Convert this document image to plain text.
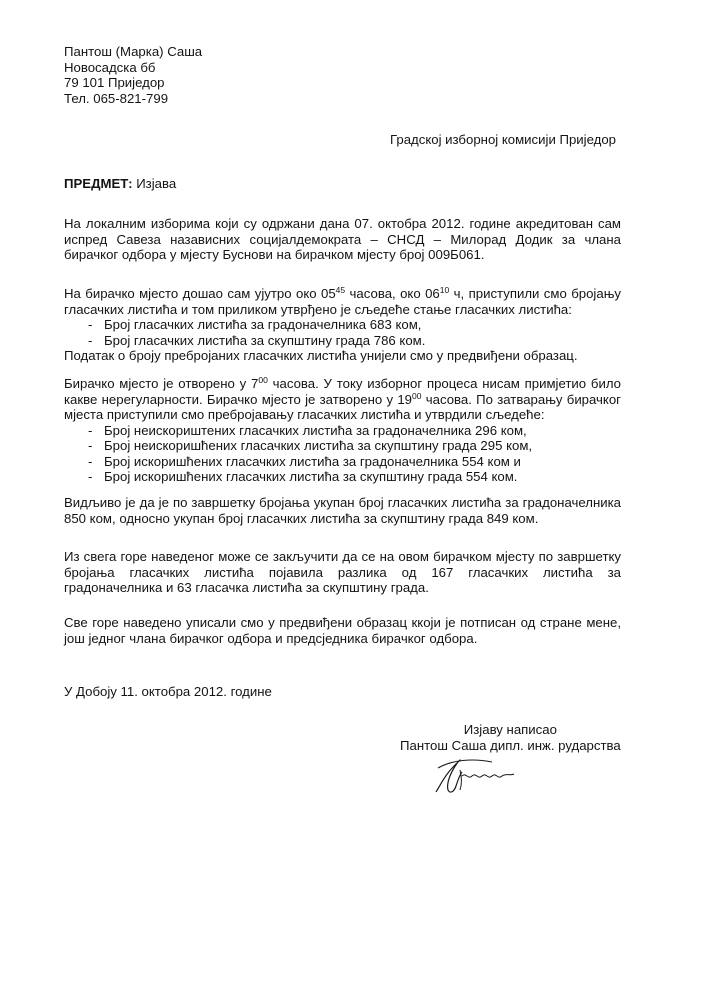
Пантош (Марка) Саша
Новосадска бб
79 101 Приједор
Тел. 065-821-799
Градској изборној комисији Приједор
ПРЕДМЕТ: Изјава

На локалним изборима који су одржани дана 07. октобра 2012. године акредитован сам испред Савеза назависних социјалдемократа – СНСД – Милорад Додик за члана бирачког одбора у мјесту Буснови на бирачком мјесту број 009Б061.

На бирачко мјесто дошао сам ујутро око $05^{45}$ часова, око $06^{10}$ ч, приступили смо бројању гласачких листића и том приликом утврђено је сљедеће стање гласачких листића:

- Број гласачких листића за градоначелника 683 ком,
- Број гласачких листића за скупштину града 786 ком.

Податак о броју пребројаних гласачких листића унијели смо у предвиђени образац.

Бирачко мјесто је отворено у $7^{00}$ часова. У току изборног процеса нисам примјетио било какве нерегуларности. Бирачко мјесто је затворено у $19^{00}$ часова. По затварању бирачког мјеста приступили смо пребројавању гласачких листића и утврдили сљедеће:

- Број неискориштених гласачких листића за градоначелника 296 ком,
- Број неискоришћених гласачких листића за скупштину града 295 ком,
- Број искоришћених гласачких листића за градоначелника 554 ком и
- Број искоришћених гласачких листића за скупштину града 554 ком.

Видљиво је да је по завршетку бројања укупан број гласачких листића за градоначелника 850 ком, односно укупан број гласачких листића за скупштину града 849 ком.

Из свега горе наведеног може се закључити да се на овом бирачком мјесту по завршетку бројања гласачких листића појавила разлика од 167 гласачких листића за градоначелника и 63 гласачка листића за скупштину града.

Све горе наведено уписали смо у предвиђени образац ккоји је потписан од стране мене, још једног члана бирачког одбора и предсједника бирачког одбора.

У Добоју 11. октобра 2012. године
Изјаву написао
Пантош Саша дипл. инж. рударства
